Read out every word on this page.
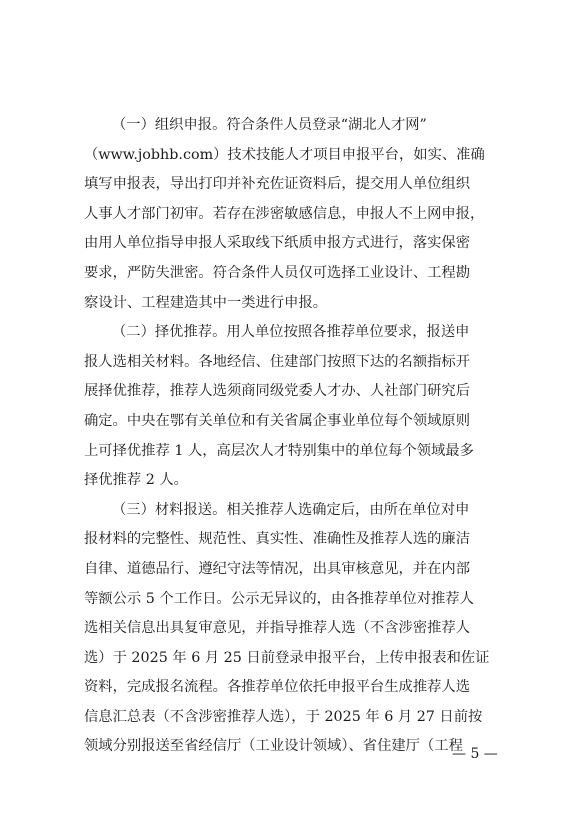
（一）组织申报。符合条件人员登录“湖北人才网”
（www.jobhb.com）技术技能人才项目申报平台，如实、准确
填写申报表，导出打印并补充佐证资料后，提交用人单位组织
人事人才部门初审。若存在涉密敏感信息，申报人不上网申报，
由用人单位指导申报人采取线下纸质申报方式进行，落实保密
要求，严防失泄密。符合条件人员仅可选择工业设计、工程勘
察设计、工程建造其中一类进行申报。

（二）择优推荐。用人单位按照各推荐单位要求，报送申
报人选相关材料。各地经信、住建部门按照下达的名额指标开
展择优推荐，推荐人选须商同级党委人才办、人社部门研究后
确定。中央在鄂有关单位和有关省属企事业单位每个领域原则
上可择优推荐 1 人，高层次人才特别集中的单位每个领域最多
择优推荐 2 人。

（三）材料报送。相关推荐人选确定后，由所在单位对申
报材料的完整性、规范性、真实性、准确性及推荐人选的廉洁
自律、道德品行、遵纪守法等情况，出具审核意见，并在内部
等额公示 5 个工作日。公示无异议的，由各推荐单位对推荐人
选相关信息出具复审意见，并指导推荐人选（不含涉密推荐人
选）于 2025 年 6 月 25 日前登录申报平台，上传申报表和佐证
资料，完成报名流程。各推荐单位依托申报平台生成推荐人选
信息汇总表（不含涉密推荐人选），于 2025 年 6 月 27 日前按
领域分别报送至省经信厅（工业设计领域）、省住建厅（工程

— 5 —
